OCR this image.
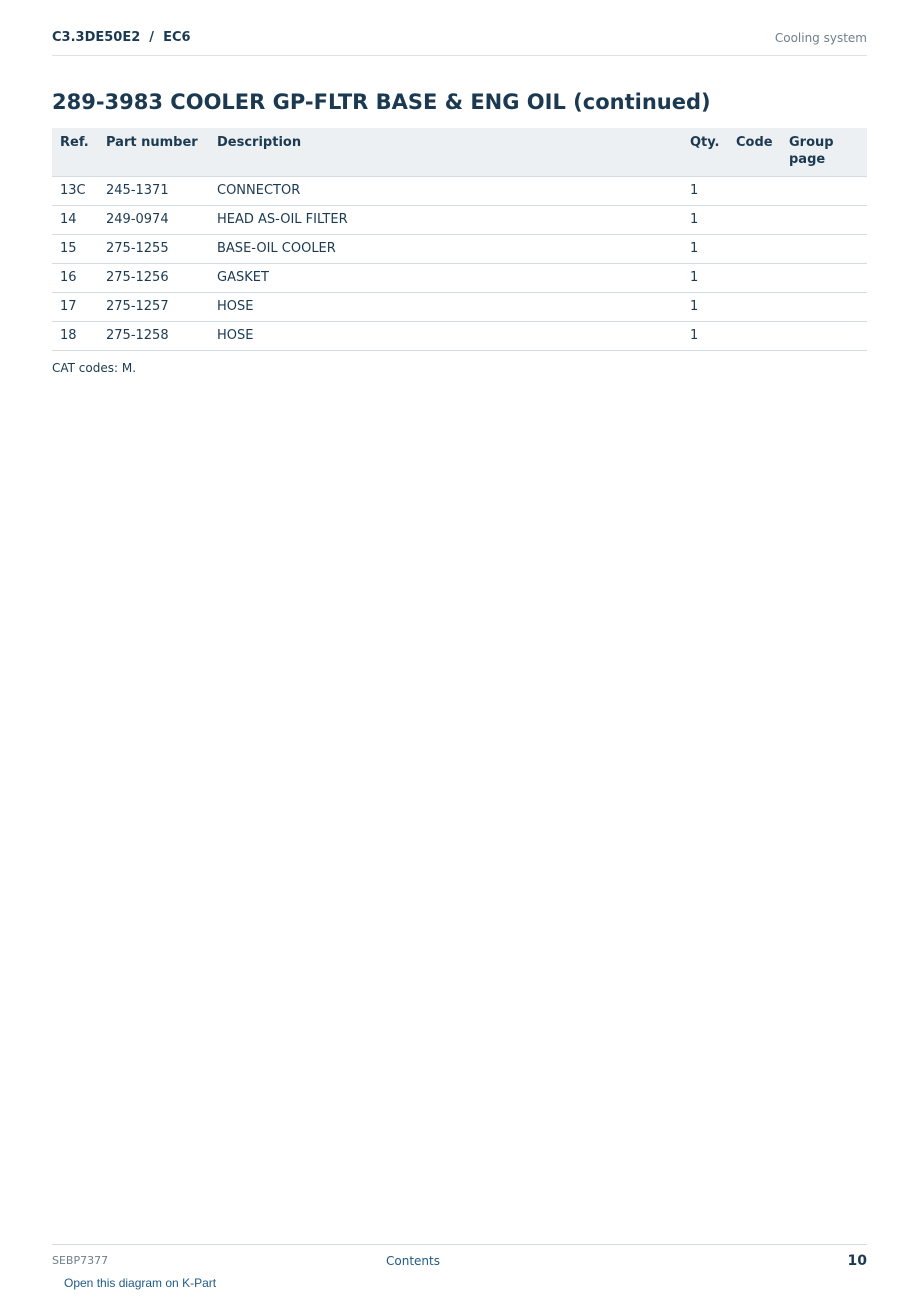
C3.3DE50E2  /  EC6	Cooling system
289-3983 COOLER GP-FLTR BASE & ENG OIL (continued)
Ref.	Part number	Description	Qty.	Code	Group page
13C	245-1371	CONNECTOR	1		
14	249-0974	HEAD AS-OIL FILTER	1		
15	275-1255	BASE-OIL COOLER	1		
16	275-1256	GASKET	1		
17	275-1257	HOSE	1		
18	275-1258	HOSE	1		

CAT codes: M.

SEBP7377	Contents	10
Open this diagram on K-Part
